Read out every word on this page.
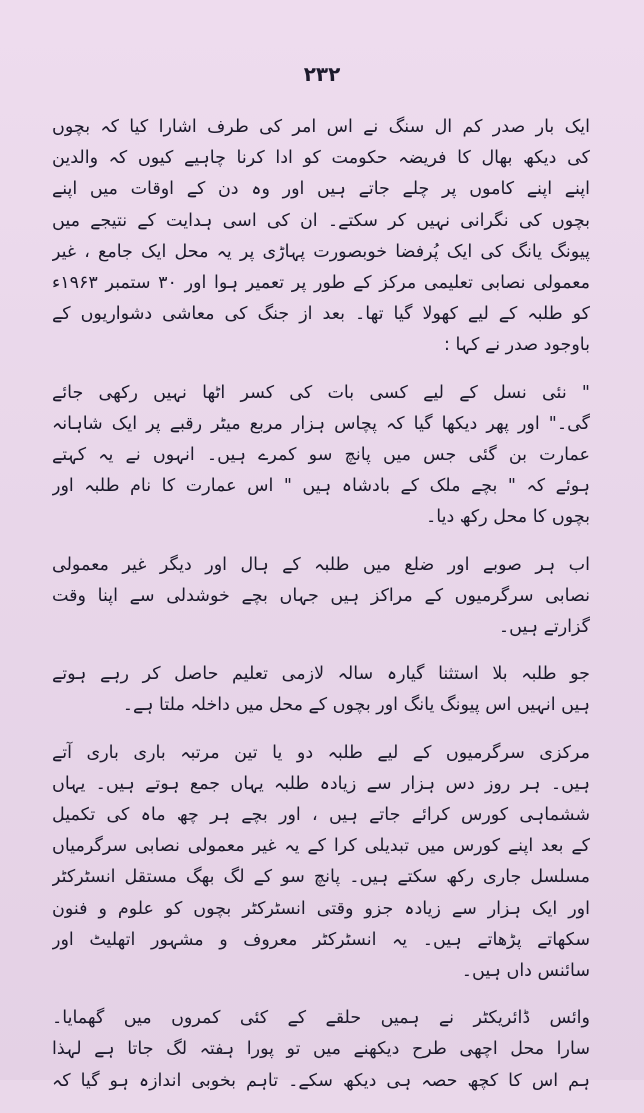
۲۳۲
ایک بار صدر کم ال سنگ نے اس امر کی طرف اشارا کیا کہ بچوں
کی دیکھ بھال کا فریضہ حکومت کو ادا کرنا چاہیے کیوں کہ والدین
اپنے اپنے کاموں پر چلے جاتے ہیں اور وہ دن کے اوقات میں اپنے
بچوں کی نگرانی نہیں کر سکتے۔ ان کی اسی ہدایت کے نتیجے میں
پیونگ یانگ کی ایک پُرفضا خوبصورت پہاڑی پر یہ محل ایک جامع ، غیر
معمولی نصابی تعلیمی مرکز کے طور پر تعمیر ہوا اور ۳۰ ستمبر ۱۹۶۳ء
کو طلبہ کے لیے کھولا گیا تھا۔ بعد از جنگ کی معاشی دشواریوں کے
باوجود صدر نے کہا :
" نئی نسل کے لیے کسی بات کی کسر اٹھا نہیں رکھی جائے
گی۔" اور پھر دیکھا گیا کہ پچاس ہزار مربع میٹر رقبے پر ایک شاہانہ
عمارت بن گئی جس میں پانچ سو کمرے ہیں۔ انہوں نے یہ کہتے
ہوئے کہ " بچے ملک کے بادشاہ ہیں " اس عمارت کا نام طلبہ اور
بچوں کا محل رکھ دیا۔
اب ہر صوبے اور ضلع میں طلبہ کے ہال اور دیگر غیر معمولی
نصابی سرگرمیوں کے مراکز ہیں جہاں بچے خوشدلی سے اپنا وقت
گزارتے ہیں۔
جو طلبہ بلا استثنا گیارہ سالہ لازمی تعلیم حاصل کر رہے ہوتے
ہیں انہیں اس پیونگ یانگ اور بچوں کے محل میں داخلہ ملتا ہے۔
مرکزی سرگرمیوں کے لیے طلبہ دو یا تین مرتبہ باری باری آتے
ہیں۔ ہر روز دس ہزار سے زیادہ طلبہ یہاں جمع ہوتے ہیں۔ یہاں
ششماہی کورس کرائے جاتے ہیں ، اور بچے ہر چھ ماہ کی تکمیل
کے بعد اپنے کورس میں تبدیلی کرا کے یہ غیر معمولی نصابی سرگرمیاں
مسلسل جاری رکھ سکتے ہیں۔ پانچ سو کے لگ بھگ مستقل انسٹرکٹر
اور ایک ہزار سے زیادہ جزو وقتی انسٹرکٹر بچوں کو علوم و فنون
سکھاتے پڑھاتے ہیں۔ یہ انسٹرکٹر معروف و مشہور اتھلیٹ اور
سائنس داں ہیں۔
وائس ڈائریکٹر نے ہمیں حلقے کے کئی کمروں میں گھمایا۔
سارا محل اچھی طرح دیکھنے میں تو پورا ہفتہ لگ جاتا ہے لہذا
ہم اس کا کچھ حصہ ہی دیکھ سکے۔ تاہم بخوبی اندازہ ہو گیا کہ
